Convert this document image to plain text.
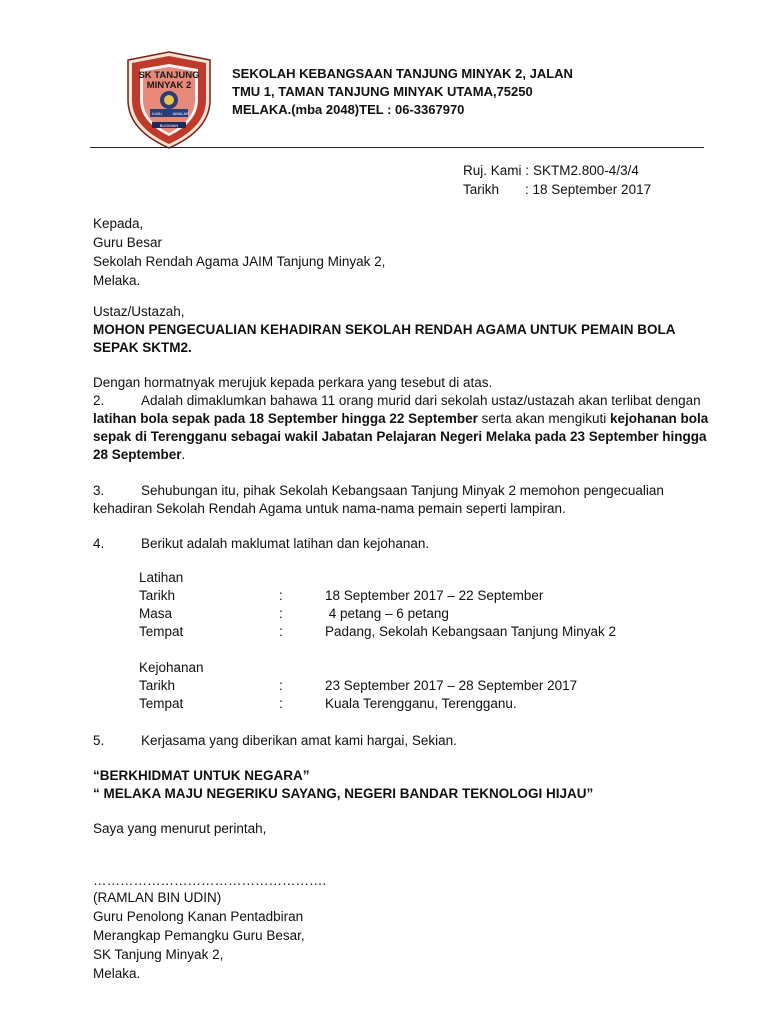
SK TANJUNG
MINYAK 2
ILMU	AMALAN
BUDIMAN
SEKOLAH KEBANGSAAN TANJUNG MINYAK 2, JALAN
TMU 1, TAMAN TANJUNG MINYAK UTAMA,75250
MELAKA.(mba 2048)TEL : 06-3367970
Ruj. Kami : SKTM2.800-4/3/4
Tarikh	: 18 September 2017
Kepada,
Guru Besar
Sekolah Rendah Agama JAIM Tanjung Minyak 2,
Melaka.
Ustaz/Ustazah,
MOHON PENGECUALIAN KEHADIRAN SEKOLAH RENDAH AGAMA UNTUK PEMAIN BOLA SEPAK SKTM2.
Dengan hormatnyak merujuk kepada perkara yang tesebut di atas.
2.	Adalah dimaklumkan bahawa 11 orang murid dari sekolah ustaz/ustazah akan terlibat dengan latihan bola sepak pada 18 September hingga 22 September serta akan mengikuti kejohanan bola sepak di Terengganu sebagai wakil Jabatan Pelajaran Negeri Melaka pada 23 September hingga 28 September.
3.	Sehubungan itu, pihak Sekolah Kebangsaan Tanjung Minyak 2 memohon pengecualian kehadiran Sekolah Rendah Agama untuk nama-nama pemain seperti lampiran.
4.	Berikut adalah maklumat latihan dan kejohanan.
Latihan
Tarikh	:	18 September 2017 – 22 September
Masa	:	4 petang – 6 petang
Tempat	:	Padang, Sekolah Kebangsaan Tanjung Minyak 2
Kejohanan
Tarikh	:	23 September 2017 – 28 September 2017
Tempat	:	Kuala Terengganu, Terengganu.
5.	Kerjasama yang diberikan amat kami hargai, Sekian.
“BERKHIDMAT UNTUK NEGARA”
“ MELAKA MAJU NEGERIKU SAYANG, NEGERI BANDAR TEKNOLOGI HIJAU”
Saya yang menurut perintah,
…………………………………………….
(RAMLAN BIN UDIN)
Guru Penolong Kanan Pentadbiran
Merangkap Pemangku Guru Besar,
SK Tanjung Minyak 2,
Melaka.
